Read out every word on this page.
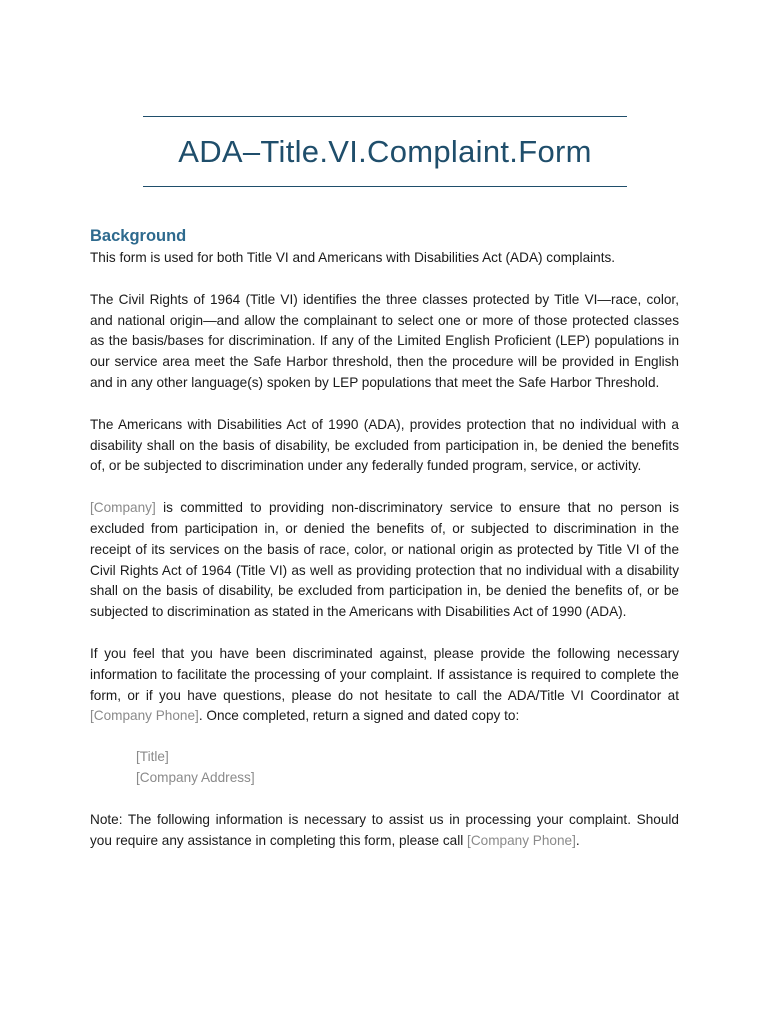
ADA–Title.VI.Complaint.Form
Background

This form is used for both Title VI and Americans with Disabilities Act (ADA) complaints.

The Civil Rights of 1964 (Title VI) identifies the three classes protected by Title VI—race, color, and national origin—and allow the complainant to select one or more of those protected classes as the basis/bases for discrimination. If any of the Limited English Proficient (LEP) populations in our service area meet the Safe Harbor threshold, then the procedure will be provided in English and in any other language(s) spoken by LEP populations that meet the Safe Harbor Threshold.

The Americans with Disabilities Act of 1990 (ADA), provides protection that no individual with a disability shall on the basis of disability, be excluded from participation in, be denied the benefits of, or be subjected to discrimination under any federally funded program, service, or activity.

[Company] is committed to providing non-discriminatory service to ensure that no person is excluded from participation in, or denied the benefits of, or subjected to discrimination in the receipt of its services on the basis of race, color, or national origin as protected by Title VI of the Civil Rights Act of 1964 (Title VI) as well as providing protection that no individual with a disability shall on the basis of disability, be excluded from participation in, be denied the benefits of, or be subjected to discrimination as stated in the Americans with Disabilities Act of 1990 (ADA).

If you feel that you have been discriminated against, please provide the following necessary information to facilitate the processing of your complaint. If assistance is required to complete the form, or if you have questions, please do not hesitate to call the ADA/Title VI Coordinator at [Company Phone]. Once completed, return a signed and dated copy to:

[Title]
[Company Address]

Note: The following information is necessary to assist us in processing your complaint. Should you require any assistance in completing this form, please call [Company Phone].
